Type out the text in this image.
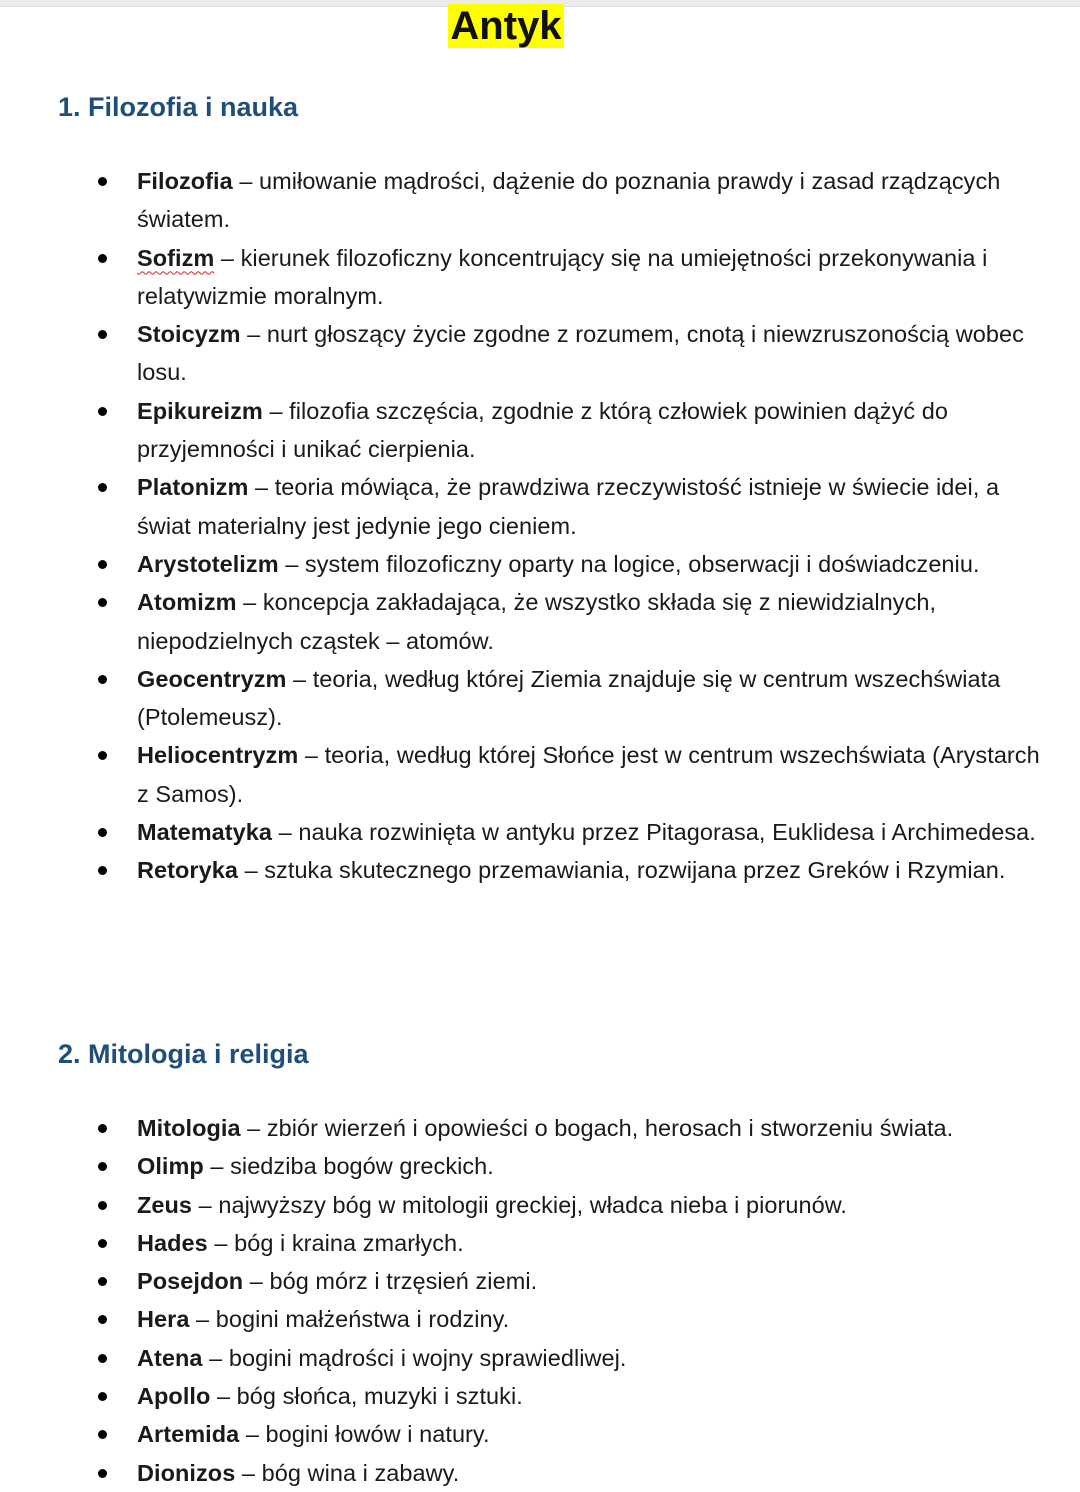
Antyk
1. Filozofia i nauka
Filozofia – umiłowanie mądrości, dążenie do poznania prawdy i zasad rządzących światem.
Sofizm – kierunek filozoficzny koncentrujący się na umiejętności przekonywania i relatywizmie moralnym.
Stoicyzm – nurt głoszący życie zgodne z rozumem, cnotą i niewzruszonością wobec losu.
Epikureizm – filozofia szczęścia, zgodnie z którą człowiek powinien dążyć do przyjemności i unikać cierpienia.
Platonizm – teoria mówiąca, że prawdziwa rzeczywistość istnieje w świecie idei, a świat materialny jest jedynie jego cieniem.
Arystotelizm – system filozoficzny oparty na logice, obserwacji i doświadczeniu.
Atomizm – koncepcja zakładająca, że wszystko składa się z niewidzialnych, niepodzielnych cząstek – atomów.
Geocentryzm – teoria, według której Ziemia znajduje się w centrum wszechświata (Ptolemeusz).
Heliocentryzm – teoria, według której Słońce jest w centrum wszechświata (Arystarch z Samos).
Matematyka – nauka rozwinięta w antyku przez Pitagorasa, Euklidesa i Archimedesa.
Retoryka – sztuka skutecznego przemawiania, rozwijana przez Greków i Rzymian.
2. Mitologia i religia
Mitologia – zbiór wierzeń i opowieści o bogach, herosach i stworzeniu świata.
Olimp – siedziba bogów greckich.
Zeus – najwyższy bóg w mitologii greckiej, władca nieba i piorunów.
Hades – bóg i kraina zmarłych.
Posejdon – bóg mórz i trzęsień ziemi.
Hera – bogini małżeństwa i rodziny.
Atena – bogini mądrości i wojny sprawiedliwej.
Apollo – bóg słońca, muzyki i sztuki.
Artemida – bogini łowów i natury.
Dionizos – bóg wina i zabawy.
